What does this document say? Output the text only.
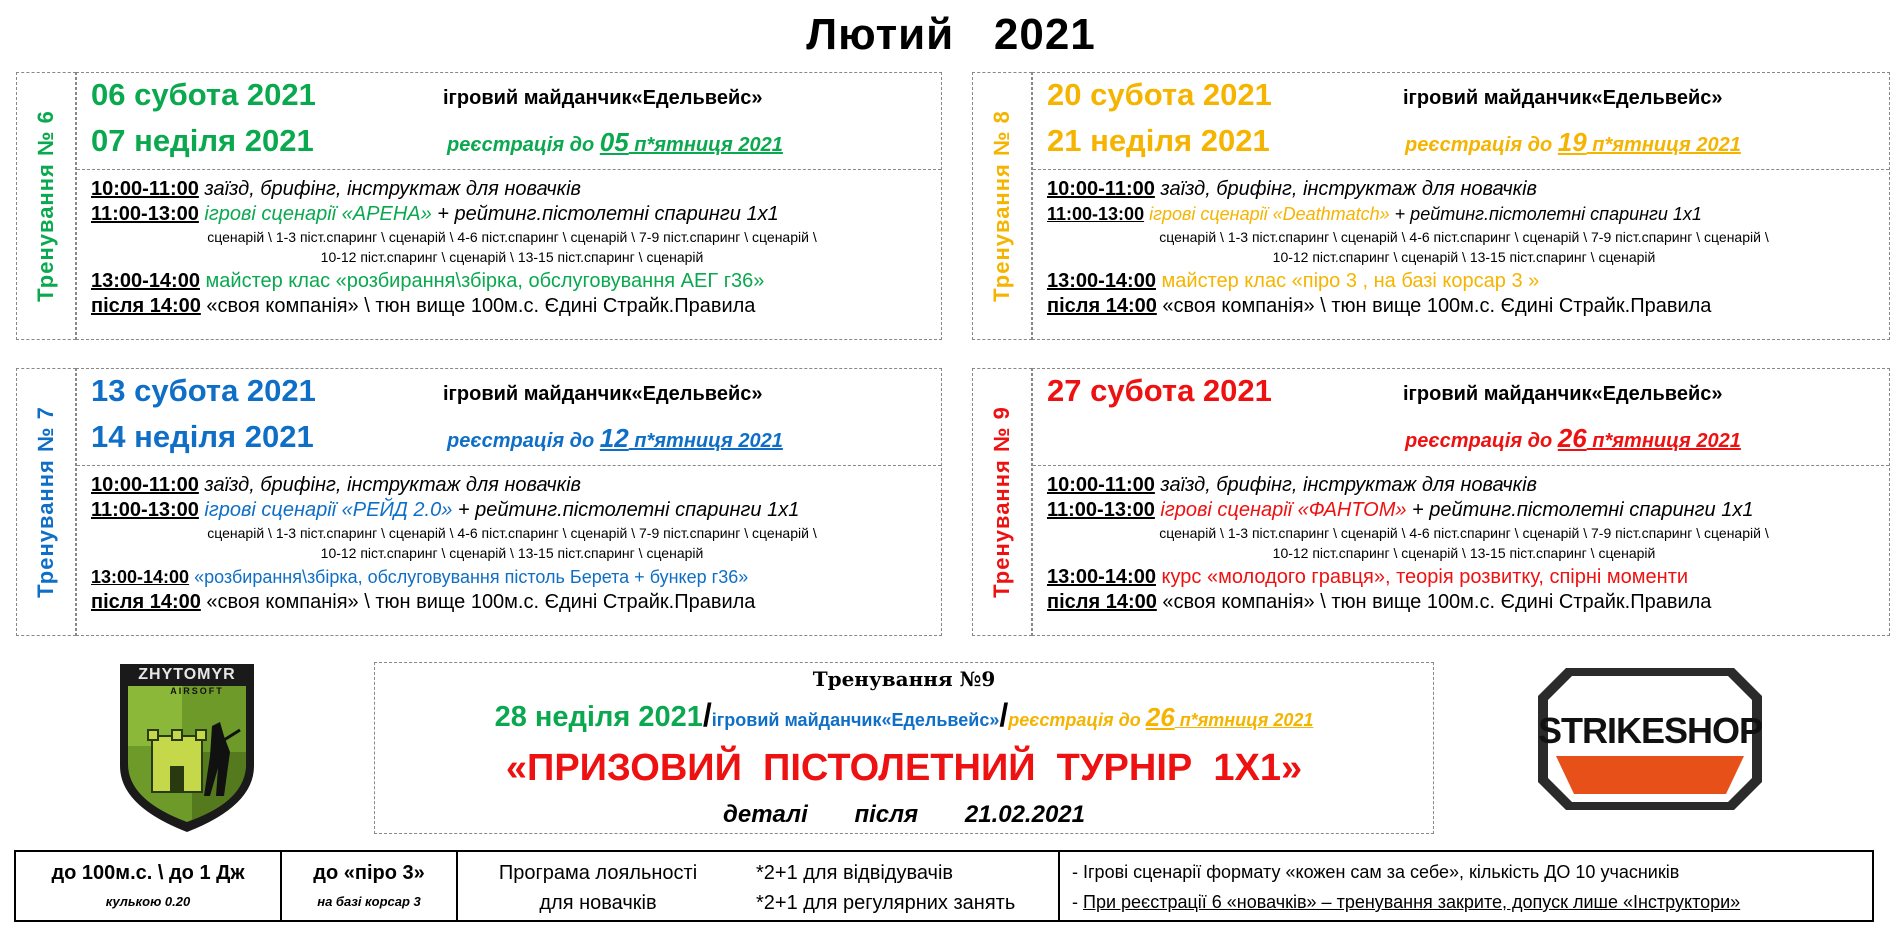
Лютий   2021
Тренування № 6
06 субота 2021
07 неділя 2021
ігровий майданчик«Едельвейс»
реєстрація до 05 п*ятниця 2021
10:00-11:00 заїзд, брифінг, інструктаж для новачків
11:00-13:00 ігрові сценарії «АРЕНА» + рейтинг.пістолетні спаринги 1х1
сценарій \ 1-3 піст.спаринг \ сценарій \ 4-6 піст.спаринг \ сценарій \ 7-9 піст.спаринг \ сценарій \
10-12 піст.спаринг \ сценарій \ 13-15 піст.спаринг \ сценарій
13:00-14:00 майстер клас «розбирання\збірка, обслуговування АЕГ г36»
після 14:00 «своя компанія» \ тюн вище 100м.с. Єдині Страйк.Правила
Тренування № 7
13 субота 2021
14 неділя 2021
ігровий майданчик«Едельвейс»
реєстрація до 12 п*ятниця 2021
10:00-11:00 заїзд, брифінг, інструктаж для новачків
11:00-13:00 ігрові сценарії «РЕЙД 2.0» + рейтинг.пістолетні спаринги 1х1
сценарій \ 1-3 піст.спаринг \ сценарій \ 4-6 піст.спаринг \ сценарій \ 7-9 піст.спаринг \ сценарій \
10-12 піст.спаринг \ сценарій \ 13-15 піст.спаринг \ сценарій
13:00-14:00 «розбирання\збірка, обслуговування пістоль Берета + бункер г36»
після 14:00 «своя компанія» \ тюн вище 100м.с. Єдині Страйк.Правила
Тренування № 8
20 субота 2021
21 неділя 2021
ігровий майданчик«Едельвейс»
реєстрація до 19 п*ятниця 2021
10:00-11:00 заїзд, брифінг, інструктаж для новачків
11:00-13:00 ігрові сценарії «Deathmatch» + рейтинг.пістолетні спаринги 1х1
сценарій \ 1-3 піст.спаринг \ сценарій \ 4-6 піст.спаринг \ сценарій \ 7-9 піст.спаринг \ сценарій \
10-12 піст.спаринг \ сценарій \ 13-15 піст.спаринг \ сценарій
13:00-14:00 майстер клас «піро 3 , на базі корсар 3 »
після 14:00 «своя компанія» \ тюн вище 100м.с. Єдині Страйк.Правила
Тренування № 9
27 субота 2021	ігровий майданчик«Едельвейс»
реєстрація до 26 п*ятниця 2021
10:00-11:00 заїзд, брифінг, інструктаж для новачків
11:00-13:00 ігрові сценарії «ФАНТОМ» + рейтинг.пістолетні спаринги 1х1
сценарій \ 1-3 піст.спаринг \ сценарій \ 4-6 піст.спаринг \ сценарій \ 7-9 піст.спаринг \ сценарій \
10-12 піст.спаринг \ сценарій \ 13-15 піст.спаринг \ сценарій
13:00-14:00 курс «молодого гравця», теорія розвитку, спірні моменти
після 14:00 «своя компанія» \ тюн вище 100м.с. Єдині Страйк.Правила
ZHYTOMYR
AIRSOFT
STRIKESHOP
Тренування №9
28 неділя 2021/ігровий майданчик«Едельвейс»/реєстрація до 26 п*ятниця 2021
«ПРИЗОВИЙ  ПІСТОЛЕТНИЙ  ТУРНІР  1Х1»
деталі       після       21.02.2021
до 100м.с. \ до 1 Дж
кулькою 0.20
до «піро 3»
на базі корсар 3
Програма лояльності
для новачків
*2+1 для відвідувачів
*2+1 для регулярних занять
- Ігрові сценарії формату «кожен сам за себе», кількість ДО 10 учасників
- При реєстрації 6 «новачків» – тренування закрите, допуск лише «Інструктори»
